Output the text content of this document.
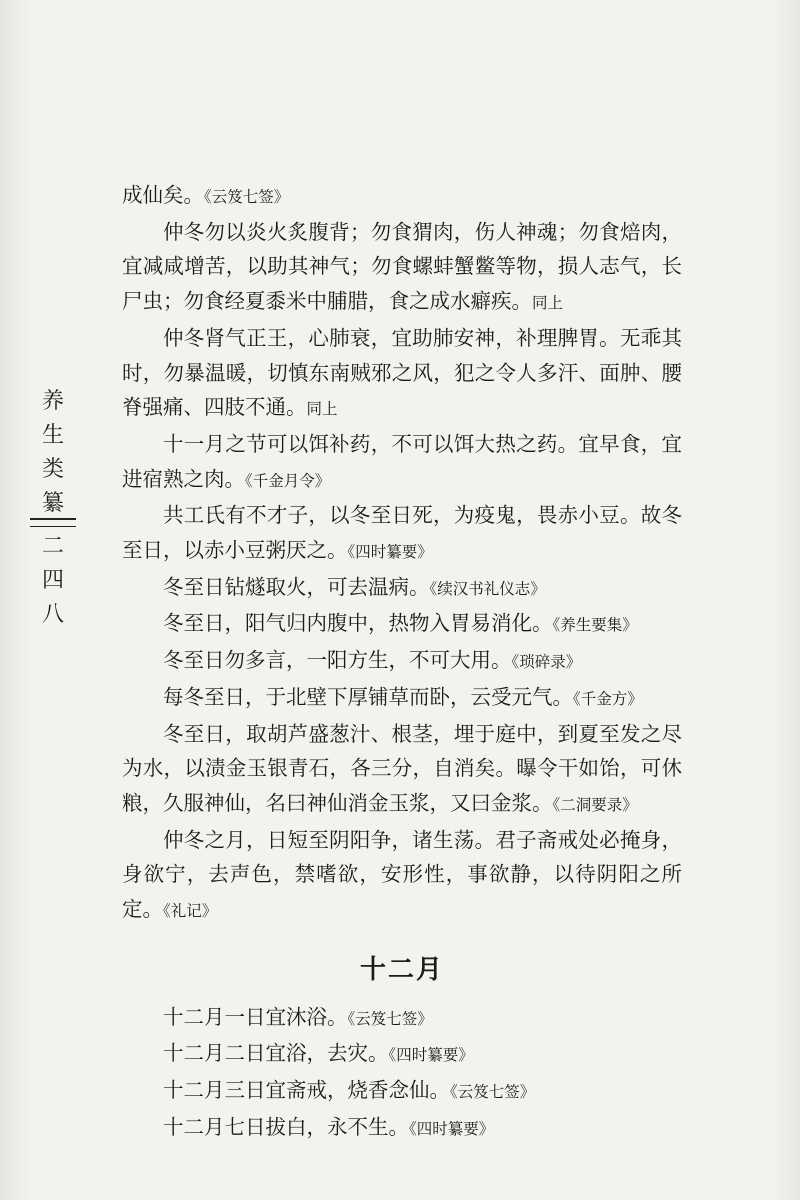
养
生
类
纂
二
四
八

成仙矣。《云笈七签》

仲冬勿以炎火炙腹背；勿食猬肉，伤人神魂；勿食焙肉，宜减咸增苦，以助其神气；勿食螺蚌蟹鳖等物，损人志气，长尸虫；勿食经夏黍米中脯腊，食之成水癖疾。同上

仲冬肾气正王，心肺衰，宜助肺安神，补理脾胃。无乖其时，勿暴温暖，切慎东南贼邪之风，犯之令人多汗、面肿、腰脊强痛、四肢不通。同上

十一月之节可以饵补药，不可以饵大热之药。宜早食，宜进宿熟之肉。《千金月令》

共工氏有不才子，以冬至日死，为疫鬼，畏赤小豆。故冬至日，以赤小豆粥厌之。《四时纂要》

冬至日钻燧取火，可去温病。《续汉书礼仪志》

冬至日，阳气归内腹中，热物入胃易消化。《养生要集》

冬至日勿多言，一阳方生，不可大用。《琐碎录》

每冬至日，于北壁下厚铺草而卧，云受元气。《千金方》

冬至日，取胡芦盛葱汁、根茎，埋于庭中，到夏至发之尽为水，以渍金玉银青石，各三分，自消矣。曝令干如饴，可休粮，久服神仙，名曰神仙消金玉浆，又曰金浆。《二洞要录》

仲冬之月，日短至阴阳争，诸生荡。君子斋戒处必掩身，身欲宁，去声色，禁嗜欲，安形性，事欲静，以待阴阳之所定。《礼记》

十二月

十二月一日宜沐浴。《云笈七签》

十二月二日宜浴，去灾。《四时纂要》

十二月三日宜斋戒，烧香念仙。《云笈七签》

十二月七日拔白，永不生。《四时纂要》
